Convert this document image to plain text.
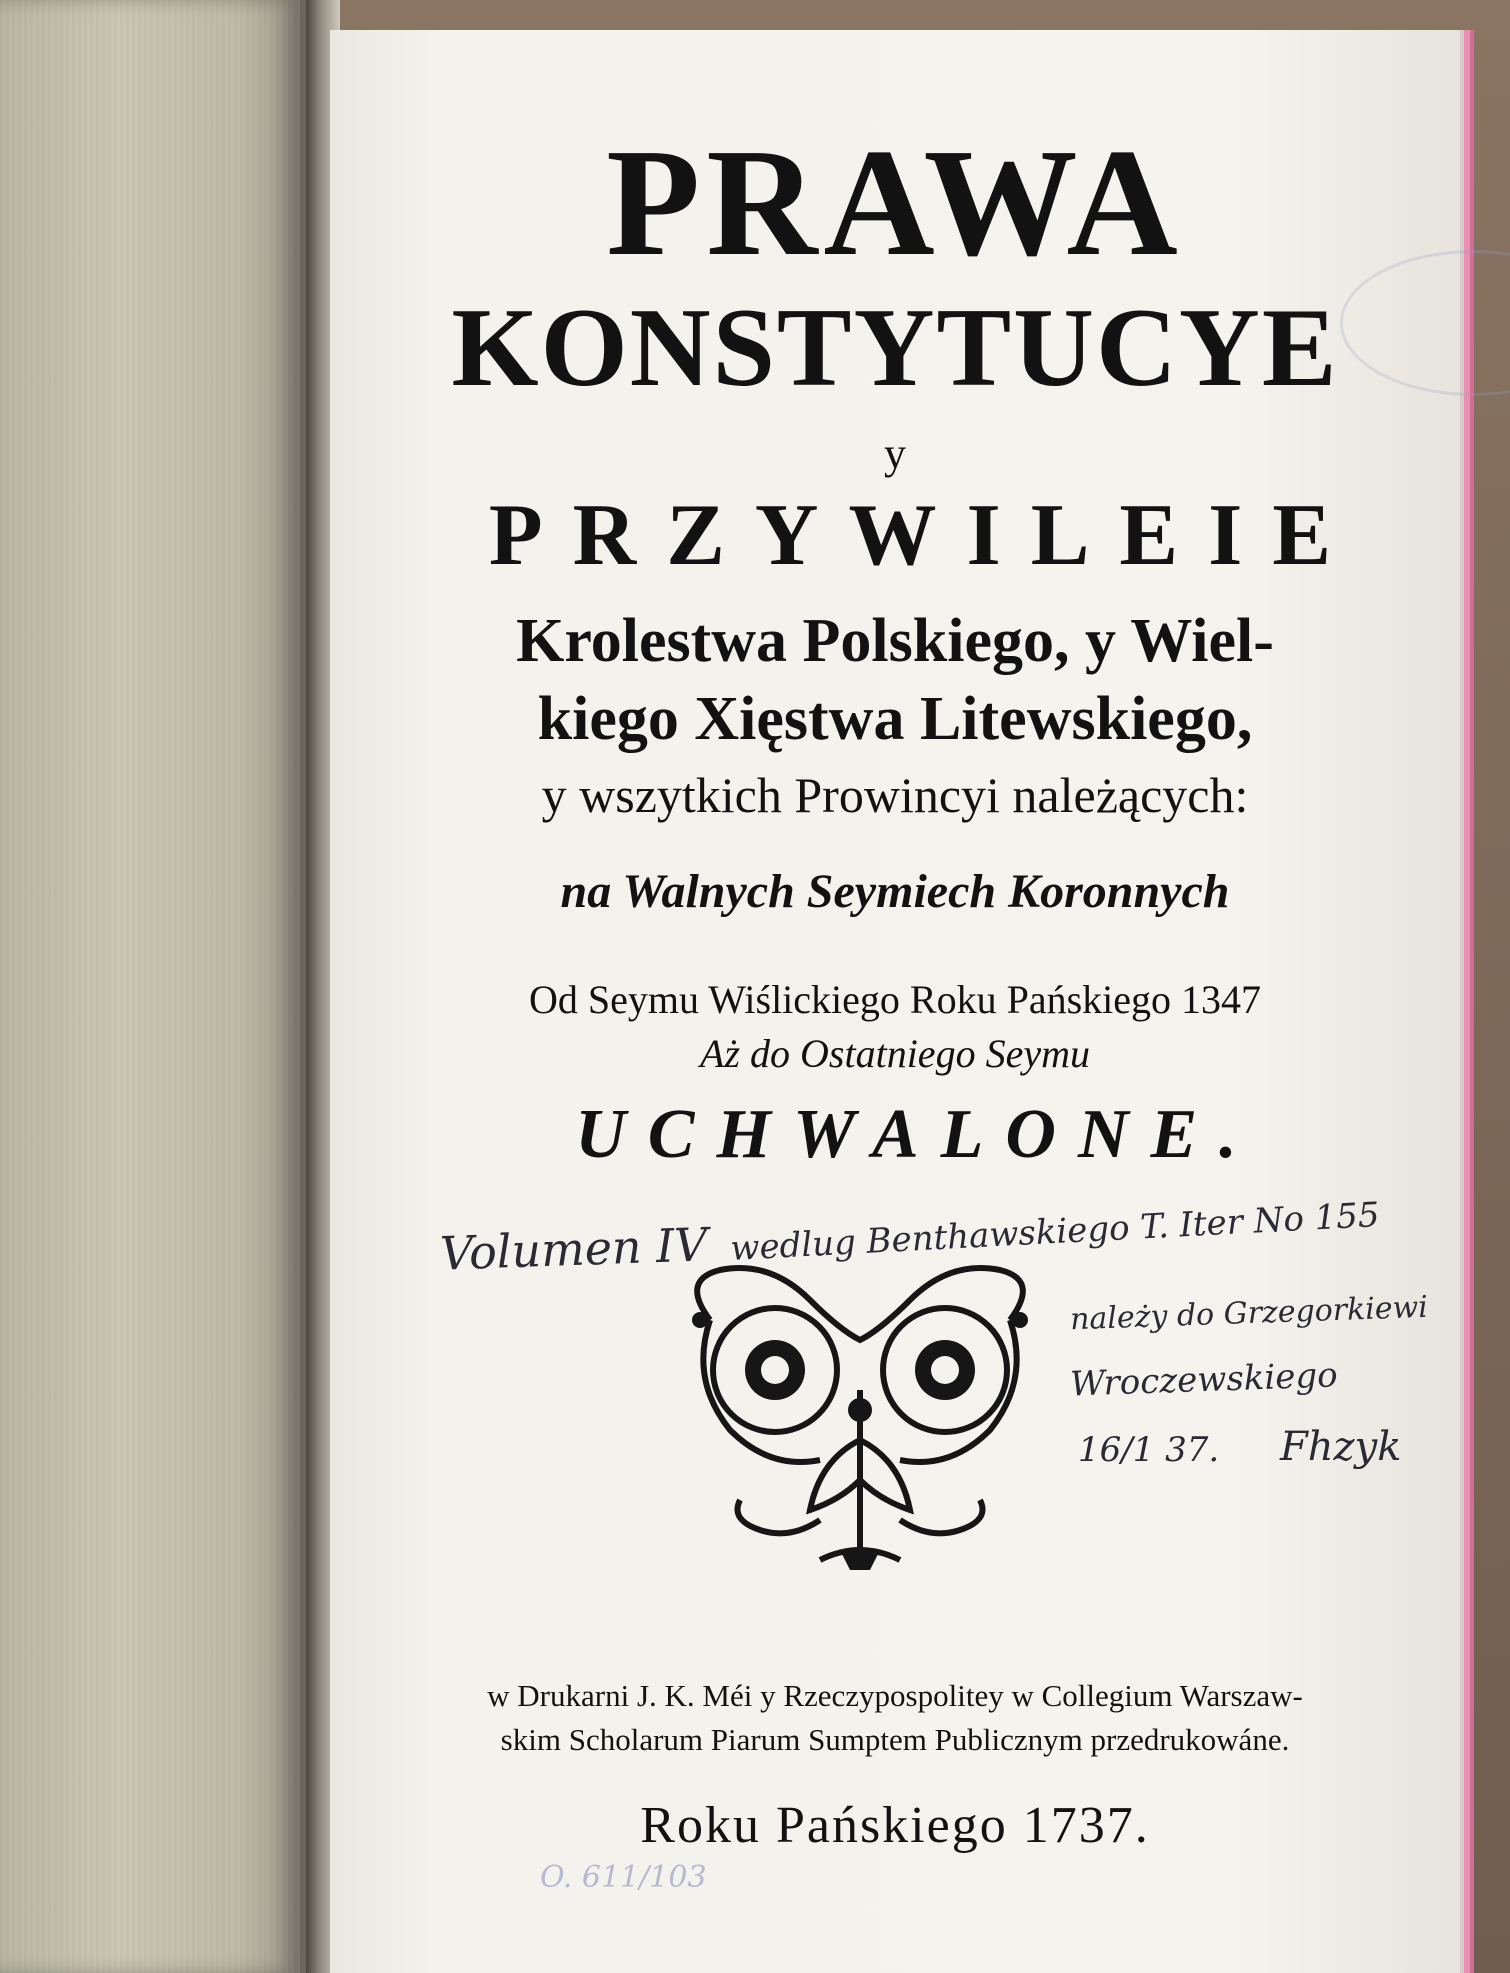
PRAWA
KONSTYTUCYE
y
PRZYWILEIE
Krolestwa Polskiego, y Wiel-
kiego Xięstwa Litewskiego,
y wszytkich Prowincyi należących:
na Walnych Seymiech Koronnych
Od Seymu Wiślickiego Roku Pańskiego 1347
Aż do Ostatniego Seymu
UCHWALONE.
Volumen IV wedlug Benthawskiego T. Iter No 155
należy do Grzegorkiewi
Wroczewskiego
16/1 37. Fhzyk
w Drukarni J. K. Méi y Rzeczypospolitey w Collegium Warszaw-
skim Scholarum Piarum Sumptem Publicznym przedrukowáne.
Roku Pańskiego 1737.
O. 611/103
